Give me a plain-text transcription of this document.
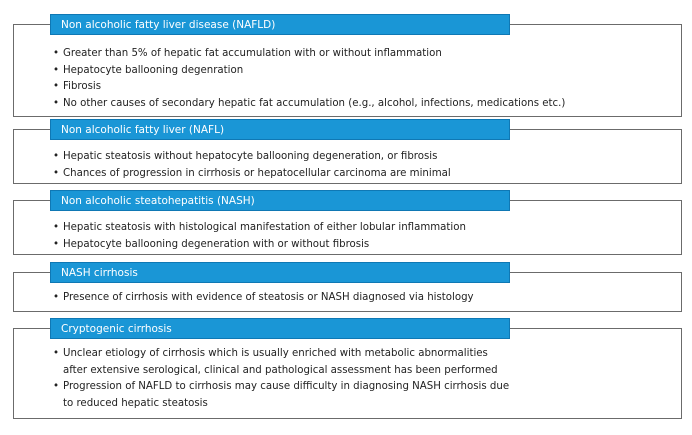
Non alcoholic fatty liver disease (NAFLD)
• Greater than 5% of hepatic fat accumulation with or without inflammation
• Hepatocyte ballooning degenration
• Fibrosis
• No other causes of secondary hepatic fat accumulation (e.g., alcohol, infections, medications etc.)
Non alcoholic fatty liver (NAFL)
• Hepatic steatosis without hepatocyte ballooning degeneration, or fibrosis
• Chances of progression in cirrhosis or hepatocellular carcinoma are minimal
Non alcoholic steatohepatitis (NASH)
• Hepatic steatosis with histological manifestation of either lobular inflammation
• Hepatocyte ballooning degeneration with or without fibrosis
NASH cirrhosis
• Presence of cirrhosis with evidence of steatosis or NASH diagnosed via histology
Cryptogenic cirrhosis
• Unclear etiology of cirrhosis which is usually enriched with metabolic abnormalities after extensive serological, clinical and pathological assessment has been performed
• Progression of NAFLD to cirrhosis may cause difficulty in diagnosing NASH cirrhosis due to reduced hepatic steatosis
